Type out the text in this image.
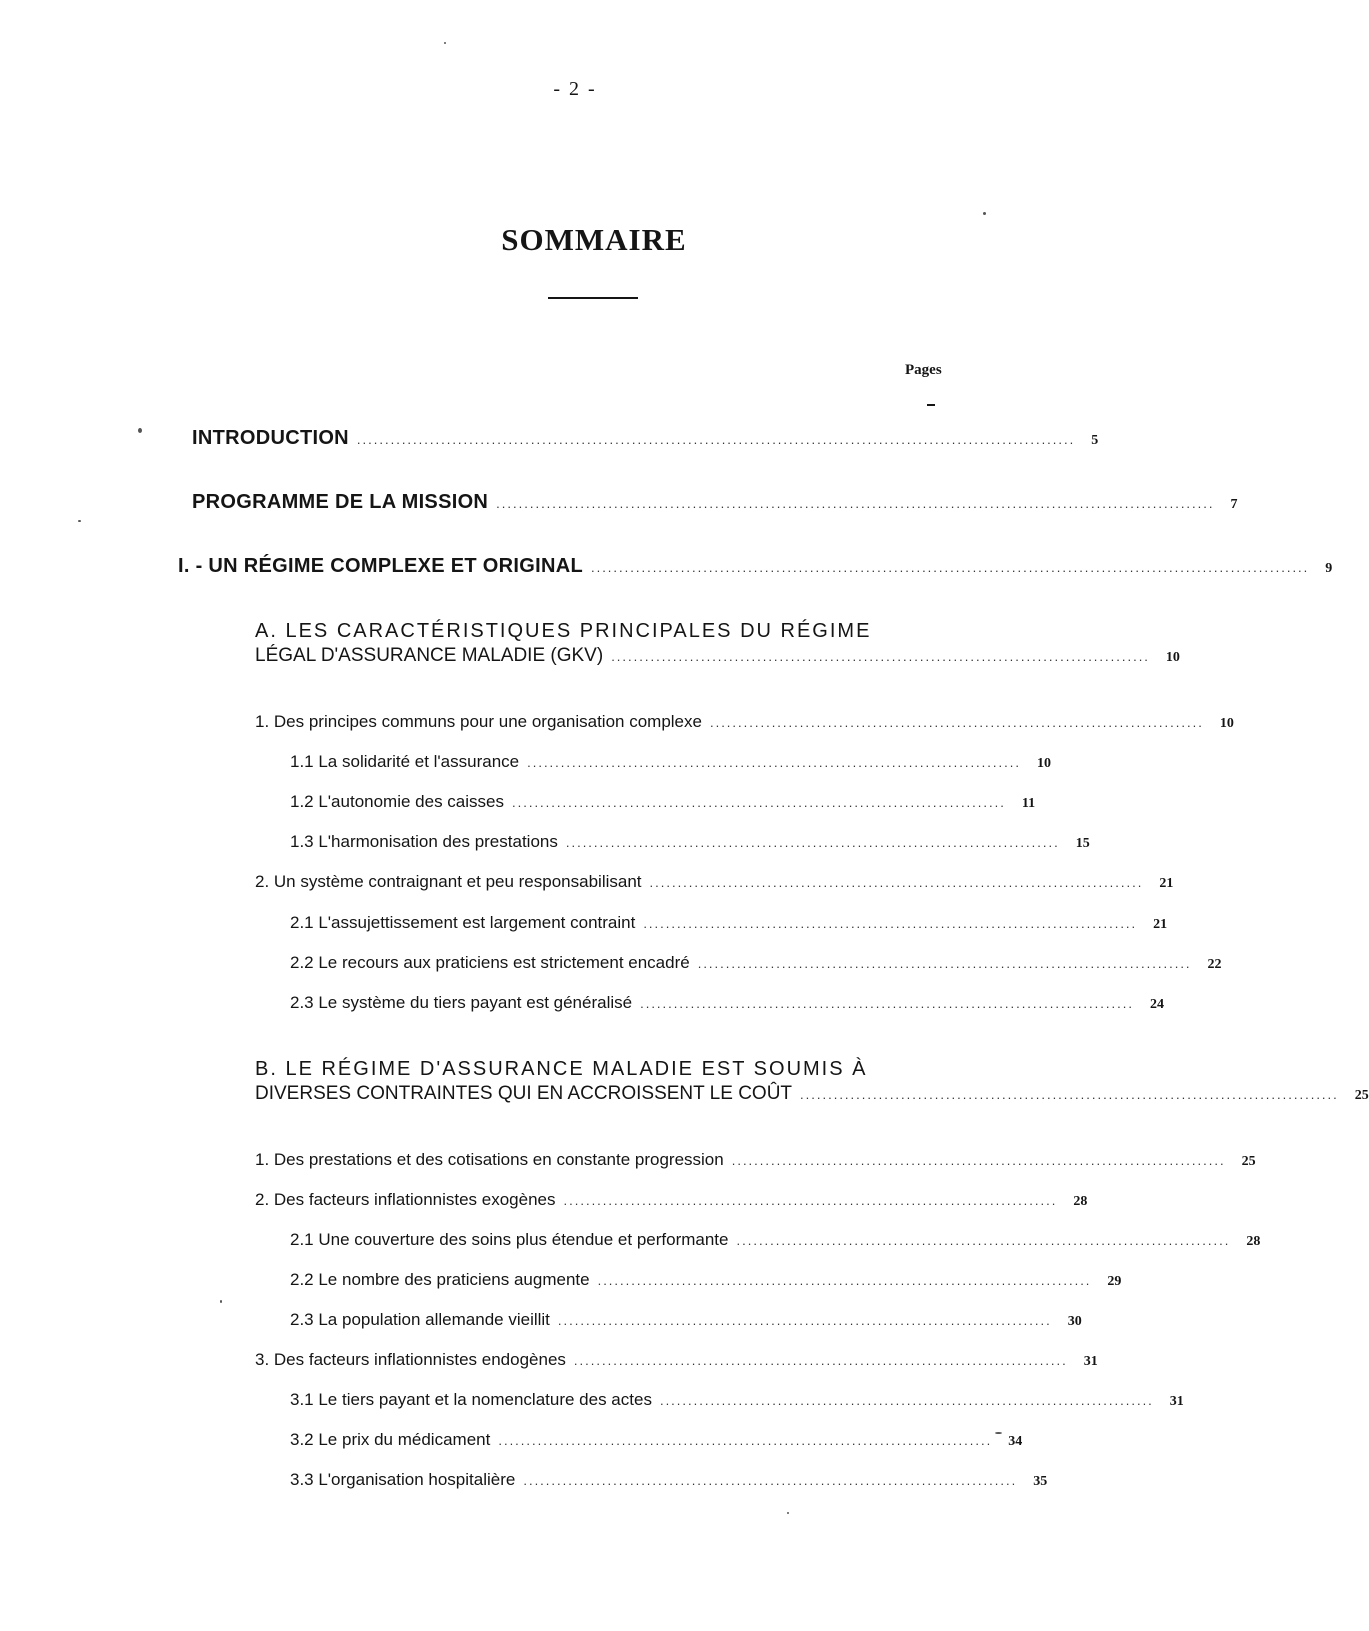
- 2 -
SOMMAIRE
Pages
INTRODUCTION ................................................................................................................................ 5
PROGRAMME DE LA MISSION ................................................................................................................................ 7
I. - UN RÉGIME COMPLEXE ET ORIGINAL ................................................................................................................................ 9
A. LES CARACTÉRISTIQUES PRINCIPALES DU RÉGIME
LÉGAL D'ASSURANCE MALADIE (GKV) ................................................................................................ 10
1. Des principes communs pour une organisation complexe ........................................................................................ 10
1.1 La solidarité et l'assurance ........................................................................................ 10
1.2 L'autonomie des caisses ........................................................................................ 11
1.3 L'harmonisation des prestations ........................................................................................ 15
2. Un système contraignant et peu responsabilisant ........................................................................................ 21
2.1 L'assujettissement est largement contraint ........................................................................................ 21
2.2 Le recours aux praticiens est strictement encadré ........................................................................................ 22
2.3 Le système du tiers payant est généralisé ........................................................................................ 24
B. LE RÉGIME D'ASSURANCE MALADIE EST SOUMIS À
DIVERSES CONTRAINTES QUI EN ACCROISSENT LE COÛT ................................................................................................ 25
1. Des prestations et des cotisations en constante progression ........................................................................................ 25
2. Des facteurs inflationnistes exogènes ........................................................................................ 28
2.1 Une couverture des soins plus étendue et performante ........................................................................................ 28
2.2 Le nombre des praticiens augmente ........................................................................................ 29
2.3 La population allemande vieillit ........................................................................................ 30
3. Des facteurs inflationnistes endogènes ........................................................................................ 31
3.1 Le tiers payant et la nomenclature des actes ........................................................................................ 31
3.2 Le prix du médicament ........................................................................................ 34
3.3 L'organisation hospitalière ........................................................................................ 35
